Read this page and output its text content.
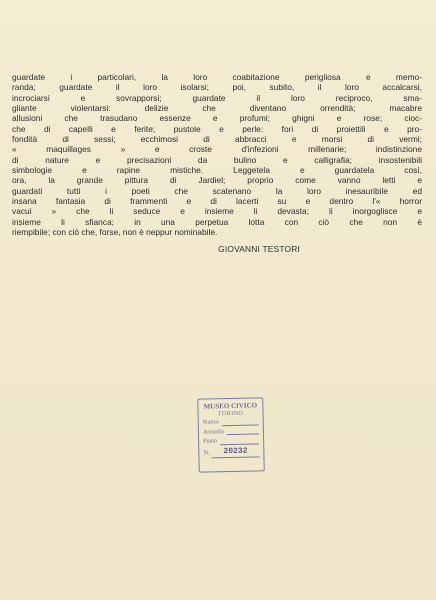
guardate i particolari, la loro coabitazione perigliosa e memo-
randa; guardate il loro isolarsi; poi, subito, il loro accalcarsi,
incrociarsi e sovrapporsi; guardate il loro reciproco, sma-
gliante violentarsi: delizie che diventano orrendità; macabre
allusioni che trasudano essenze e profumi; ghigni e rose; cioc-
che di capelli e ferite; pustole e perle: fori di proiettili e pro-
fondità di sessi; ecchimosi di abbracci e morsi di vermi;
« maquillages » e croste d'infezioni millenarie; indistinzione
di nature e precisazioni da bulino e calligrafia; insostenibili
simbologie e rapine mistiche. Leggetela e guardatela così,
ora, la grande pittura di Jardiel; proprio come vanno letti e
guardati tutti i poeti che scatenano la loro inesauribile ed
insana fantasia di frammenti e di lacerti su e dentro l'« horror
vacui » che li seduce e insieme li devasta; li inorgoglisce e
insieme li sfianca; in una perpetua lotta con ciò che non è
riempibile; con ciò che, forse, non è neppur nominabile.
GIOVANNI TESTORI
MUSEO CIVICO
TORINO
Stanza
Armadio
Piano
N.	20232
